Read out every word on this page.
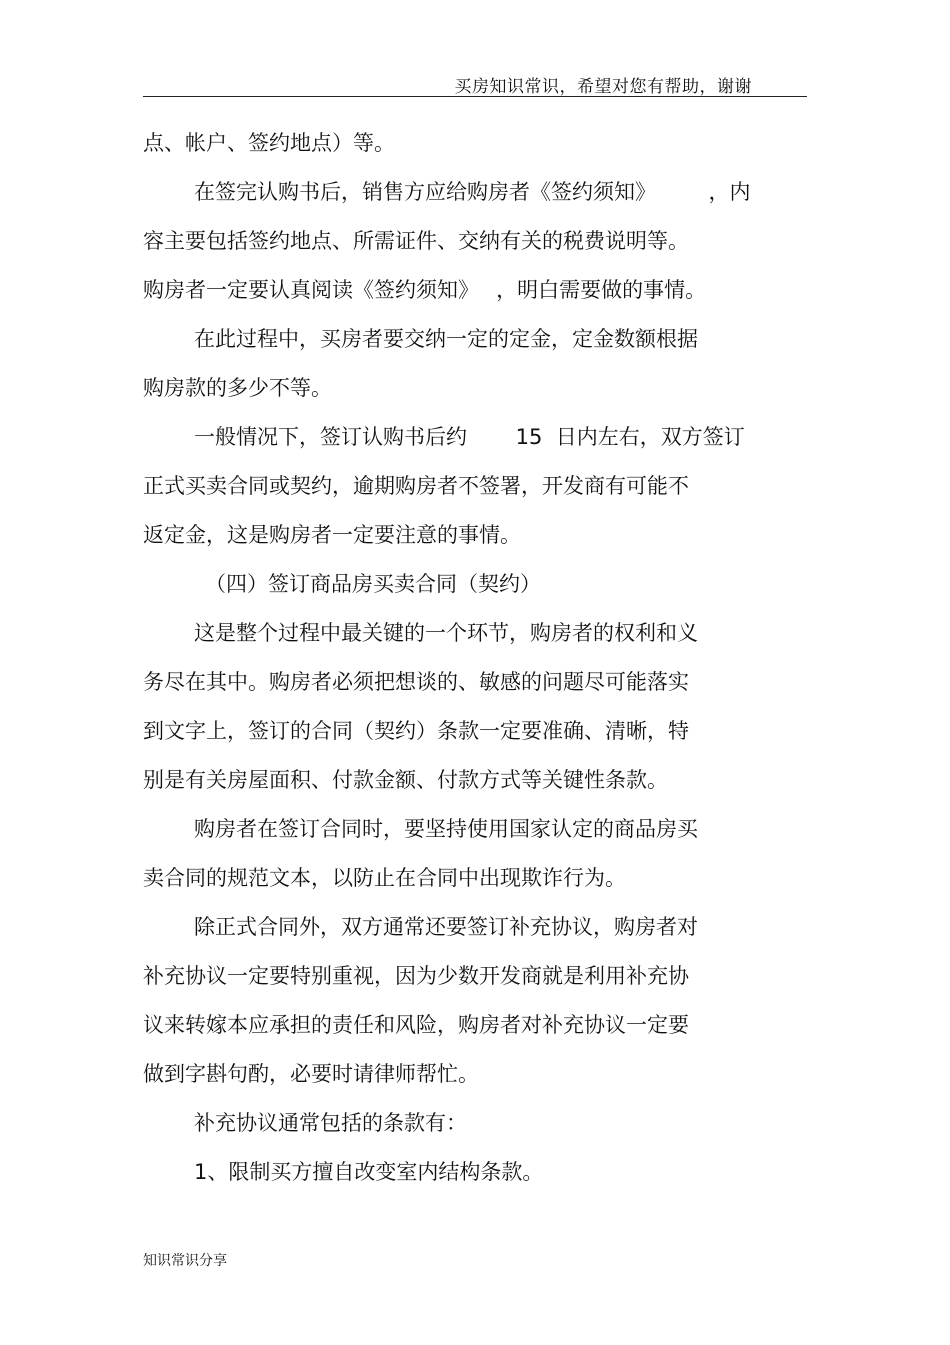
买房知识常识，希望对您有帮助，谢谢
点、帐户、签约地点）等。
在签完认购书后，销售方应给购房者《签约须知》　　　，内
容主要包括签约地点、所需证件、交纳有关的税费说明等。
购房者一定要认真阅读《签约须知》　 ，明白需要做的事情。
在此过程中，买房者要交纳一定的定金，定金数额根据
购房款的多少不等。
一般情况下，签订认购书后约　　 15  日内左右，双方签订
正式买卖合同或契约，逾期购房者不签署，开发商有可能不
返定金，这是购房者一定要注意的事情。
（四）签订商品房买卖合同（契约）
这是整个过程中最关键的一个环节，购房者的权利和义
务尽在其中。购房者必须把想谈的、敏感的问题尽可能落实
到文字上，签订的合同（契约）条款一定要准确、清晰，特
别是有关房屋面积、付款金额、付款方式等关键性条款。
购房者在签订合同时，要坚持使用国家认定的商品房买
卖合同的规范文本，以防止在合同中出现欺诈行为。
除正式合同外，双方通常还要签订补充协议，购房者对
补充协议一定要特别重视，因为少数开发商就是利用补充协
议来转嫁本应承担的责任和风险，购房者对补充协议一定要
做到字斟句酌，必要时请律师帮忙。
补充协议通常包括的条款有：
1、限制买方擅自改变室内结构条款。
知识常识分享
